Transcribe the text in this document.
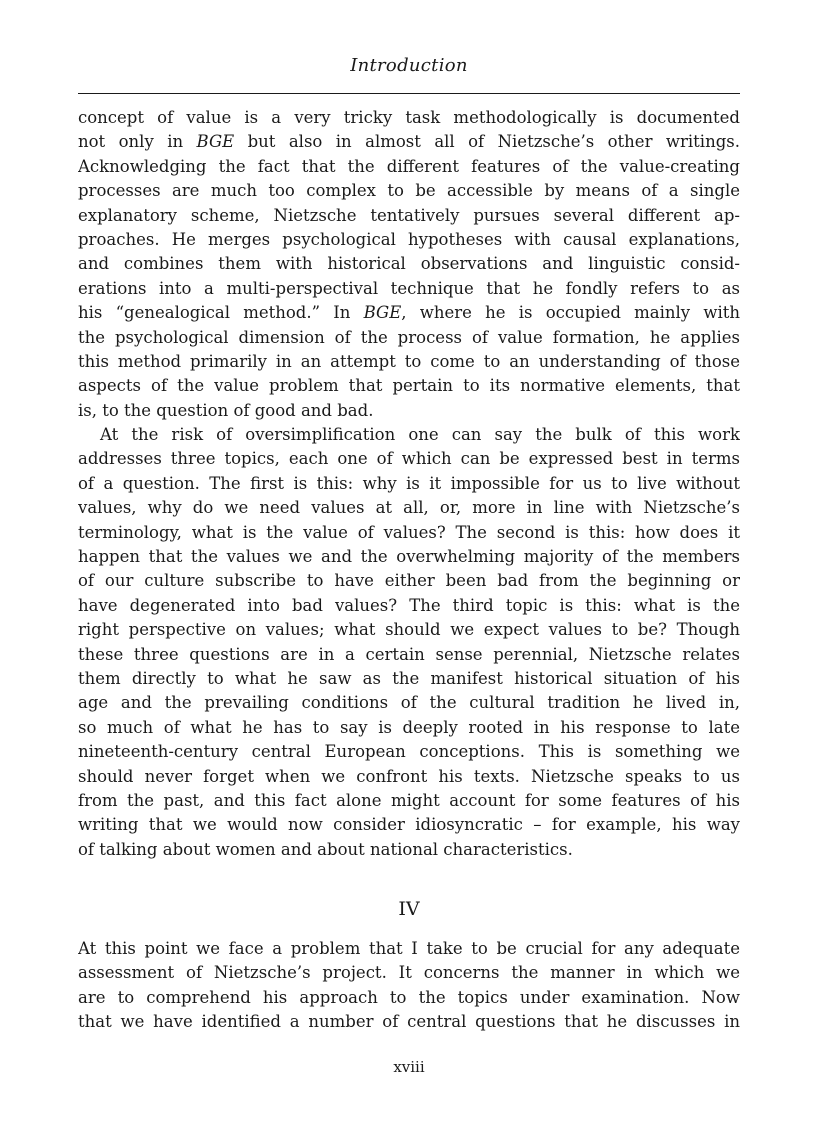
Introduction
concept of value is a very tricky task methodologically is documented
not only in BGE but also in almost all of Nietzsche’s other writings.
Acknowledging the fact that the different features of the value-creating
processes are much too complex to be accessible by means of a single
explanatory scheme, Nietzsche tentatively pursues several different ap-
proaches. He merges psychological hypotheses with causal explanations,
and combines them with historical observations and linguistic consid-
erations into a multi-perspectival technique that he fondly refers to as
his “genealogical method.” In BGE, where he is occupied mainly with
the psychological dimension of the process of value formation, he applies
this method primarily in an attempt to come to an understanding of those
aspects of the value problem that pertain to its normative elements, that
is, to the question of good and bad.
At the risk of oversimplification one can say the bulk of this work
addresses three topics, each one of which can be expressed best in terms
of a question. The first is this: why is it impossible for us to live without
values, why do we need values at all, or, more in line with Nietzsche’s
terminology, what is the value of values? The second is this: how does it
happen that the values we and the overwhelming majority of the members
of our culture subscribe to have either been bad from the beginning or
have degenerated into bad values? The third topic is this: what is the
right perspective on values; what should we expect values to be? Though
these three questions are in a certain sense perennial, Nietzsche relates
them directly to what he saw as the manifest historical situation of his
age and the prevailing conditions of the cultural tradition he lived in,
so much of what he has to say is deeply rooted in his response to late
nineteenth-century central European conceptions. This is something we
should never forget when we confront his texts. Nietzsche speaks to us
from the past, and this fact alone might account for some features of his
writing that we would now consider idiosyncratic – for example, his way
of talking about women and about national characteristics.
IV
At this point we face a problem that I take to be crucial for any adequate
assessment of Nietzsche’s project. It concerns the manner in which we
are to comprehend his approach to the topics under examination. Now
that we have identified a number of central questions that he discusses in
xviii
